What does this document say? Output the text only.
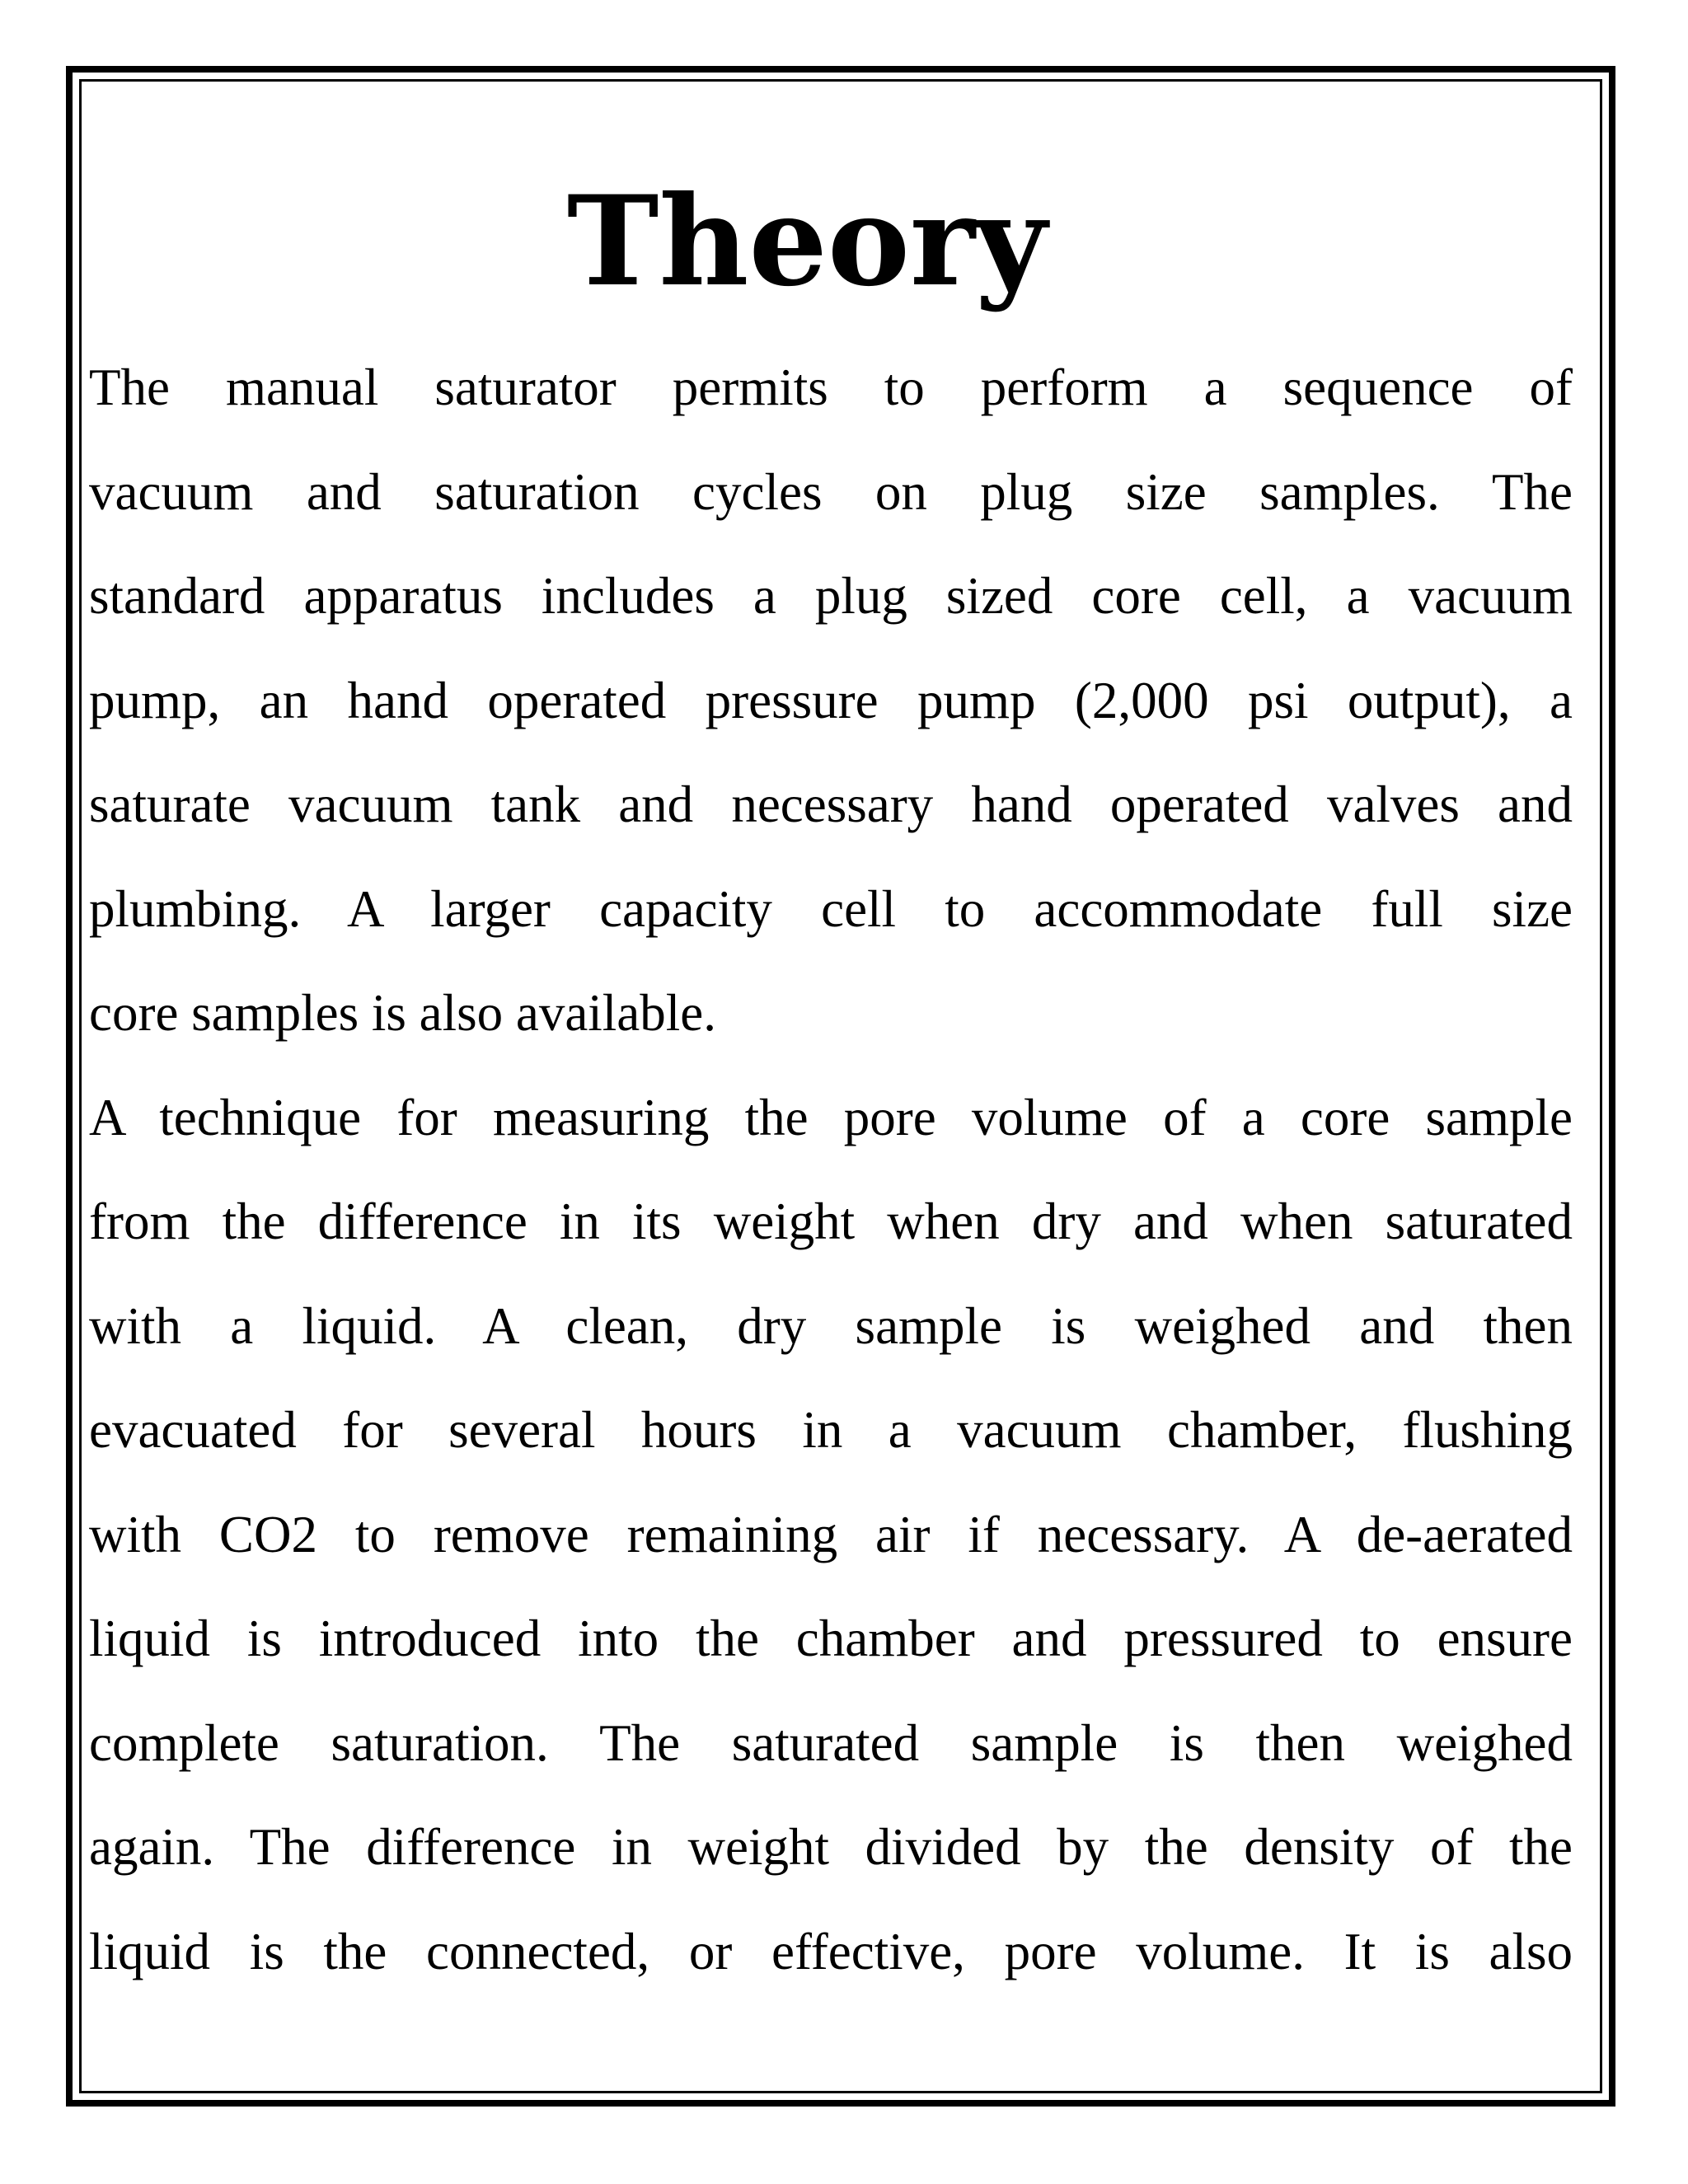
Theory
The manual saturator permits to perform a sequence of
vacuum and saturation cycles on plug size samples. The
standard apparatus includes a plug sized core cell, a vacuum
pump, an hand operated pressure pump (2,000 psi output), a
saturate vacuum tank and necessary hand operated valves and
plumbing. A larger capacity cell to accommodate full size
core samples is also available.
A technique for measuring the pore volume of a core sample
from the difference in its weight when dry and when saturated
with a liquid. A clean, dry sample is weighed and then
evacuated for several hours in a vacuum chamber, flushing
with CO2 to remove remaining air if necessary. A de-aerated
liquid is introduced into the chamber and pressured to ensure
complete saturation. The saturated sample is then weighed
again. The difference in weight divided by the density of the
liquid is the connected, or effective, pore volume. It is also
